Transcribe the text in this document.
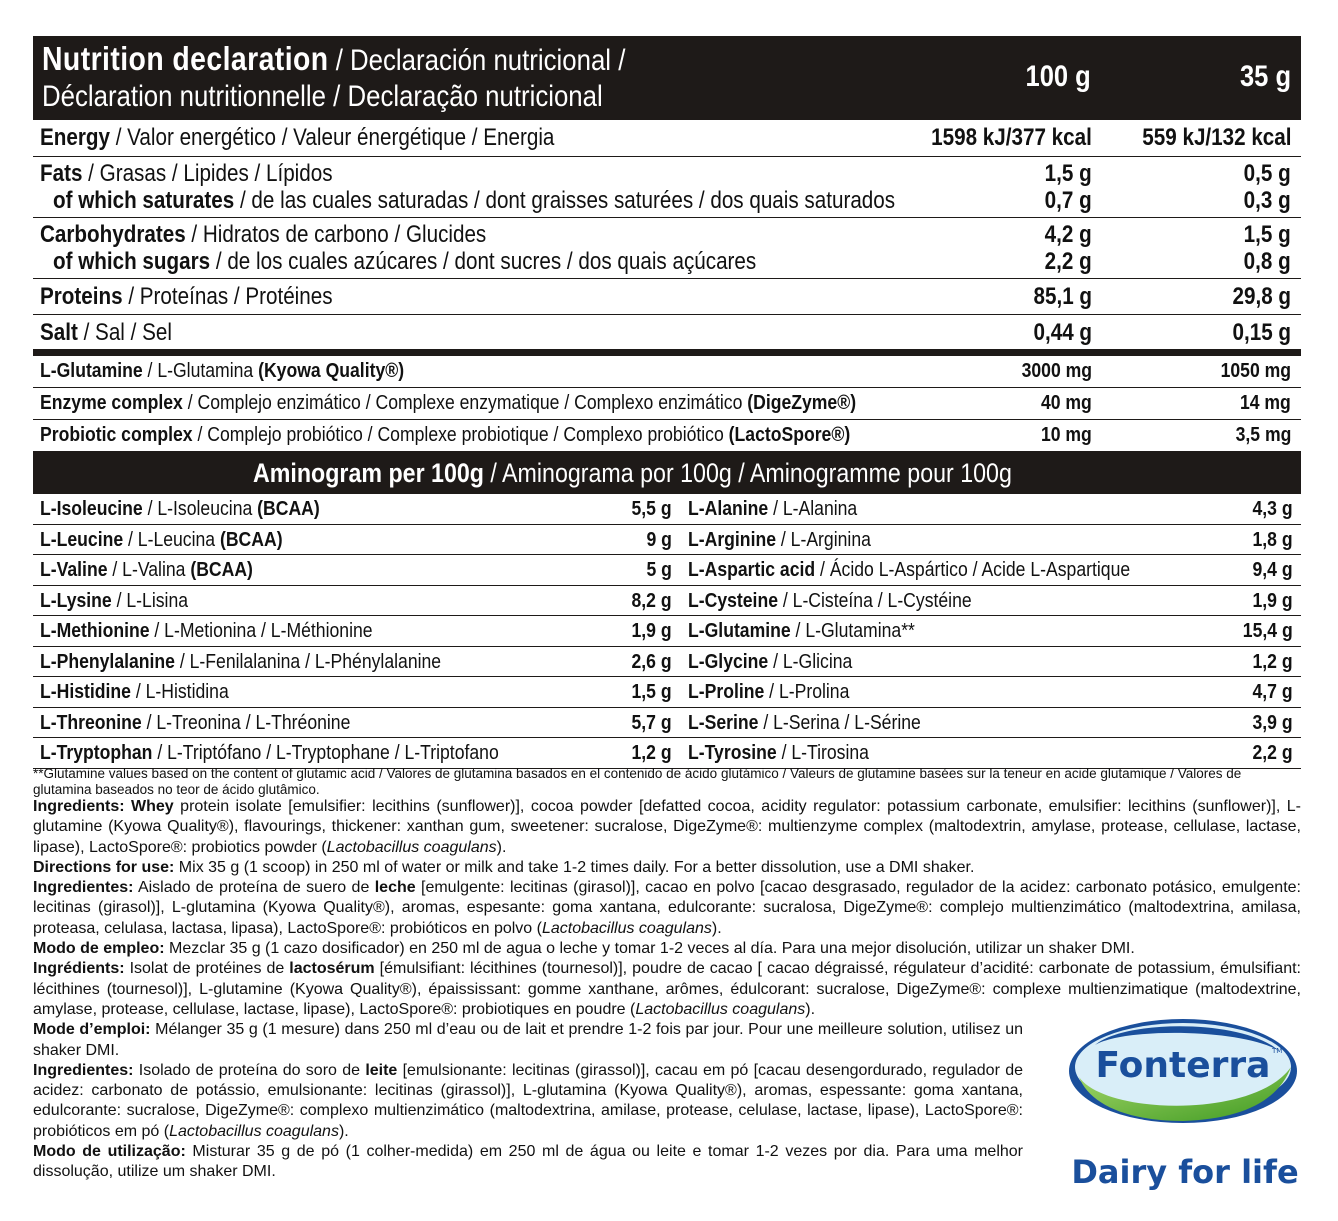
Nutrition declaration / Declaración nutricional /
Déclaration nutritionnelle / Declaração nutricional
100 g	35 g
Energy / Valor energético / Valeur énergétique / Energia	1598 kJ/377 kcal 559 kJ/132 kcal
Fats / Grasas / Lipides / Lípidos	1,5 g	0,5 g
of which saturates / de las cuales saturadas / dont graisses saturées / dos quais saturados	0,7 g	0,3 g
Carbohydrates / Hidratos de carbono / Glucides	4,2 g	1,5 g
of which sugars / de los cuales azúcares / dont sucres / dos quais açúcares	2,2 g	0,8 g
Proteins / Proteínas / Protéines	85,1 g	29,8 g
Salt / Sal / Sel	0,44 g	0,15 g
L-Glutamine / L-Glutamina (Kyowa Quality®)	3000 mg	1050 mg
Enzyme complex / Complejo enzimático / Complexe enzymatique / Complexo enzimático (DigeZyme®)	40 mg	14 mg
Probiotic complex / Complejo probiótico / Complexe probiotique / Complexo probiótico (LactoSpore®)	10 mg	3,5 mg
Aminogram per 100g / Aminograma por 100g / Aminogramme pour 100g
L-Isoleucine / L-Isoleucina (BCAA)	5,5 g L-Alanine / L-Alanina	4,3 g
L-Leucine / L-Leucina (BCAA)	9 g L-Arginine / L-Arginina	1,8 g
L-Valine / L-Valina (BCAA)	5 g L-Aspartic acid / Ácido L-Aspártico / Acide L-Aspartique	9,4 g
L-Lysine / L-Lisina	8,2 g L-Cysteine / L-Cisteína / L-Cystéine	1,9 g
L-Methionine / L-Metionina / L-Méthionine	1,9 g L-Glutamine / L-Glutamina**	15,4 g
L-Phenylalanine / L-Fenilalanina / L-Phénylalanine	2,6 g L-Glycine / L-Glicina	1,2 g
L-Histidine / L-Histidina	1,5 g L-Proline / L-Prolina	4,7 g
L-Threonine / L-Treonina / L-Thréonine	5,7 g L-Serine / L-Serina / L-Sérine	3,9 g
L-Tryptophan / L-Triptófano / L-Tryptophane / L-Triptofano	1,2 g L-Tyrosine / L-Tirosina	2,2 g
**Glutamine values based on the content of glutamic acid / Valores de glutamina basados en el contenido de ácido glutámico / Valeurs de glutamine basées sur la teneur en acide glutamique / Valores de glutamina baseados no teor de ácido glutâmico.
Ingredients: Whey protein isolate [emulsifier: lecithins (sunflower)], cocoa powder [defatted cocoa, acidity regulator: potassium carbonate, emulsifier: lecithins (sunflower)], L-glutamine (Kyowa Quality®), flavourings, thickener: xanthan gum, sweetener: sucralose, DigeZyme®: multienzyme complex (maltodextrin, amylase, protease, cellulase, lactase, lipase), LactoSpore®: probiotics powder (Lactobacillus coagulans).
Directions for use: Mix 35 g (1 scoop) in 250 ml of water or milk and take 1-2 times daily. For a better dissolution, use a DMI shaker.
Ingredientes: Aislado de proteína de suero de leche [emulgente: lecitinas (girasol)], cacao en polvo [cacao desgrasado, regulador de la acidez: carbonato potásico, emulgente: lecitinas (girasol)], L-glutamina (Kyowa Quality®), aromas, espesante: goma xantana, edulcorante: sucralosa, DigeZyme®: complejo multienzimático (maltodextrina, amilasa, proteasa, celulasa, lactasa, lipasa), LactoSpore®: probióticos en polvo (Lactobacillus coagulans).
Modo de empleo: Mezclar 35 g (1 cazo dosificador) en 250 ml de agua o leche y tomar 1-2 veces al día. Para una mejor disolución, utilizar un shaker DMI.
Ingrédients: Isolat de protéines de lactosérum [émulsifiant: lécithines (tournesol)], poudre de cacao [ cacao dégraissé, régulateur d’acidité: carbonate de potassium, émulsifiant: lécithines (tournesol)], L-glutamine (Kyowa Quality®), épaississant: gomme xanthane, arômes, édulcorant: sucralose, DigeZyme®: complexe multienzimatique (maltodextrine, amylase, protease, cellulase, lactase, lipase), LactoSpore®: probiotiques en poudre (Lactobacillus coagulans).
Mode d’emploi: Mélanger 35 g (1 mesure) dans 250 ml d’eau ou de lait et prendre 1-2 fois par jour. Pour une meilleure solution, utilisez un shaker DMI.
Ingredientes: Isolado de proteína do soro de leite [emulsionante: lecitinas (girassol)], cacau em pó [cacau desengordurado, regulador de acidez: carbonato de potássio, emulsionante: lecitinas (girassol)], L-glutamina (Kyowa Quality®), aromas, espessante: goma xantana, edulcorante: sucralose, DigeZyme®: complexo multienzimático (maltodextrina, amilase, protease, celulase, lactase, lipase), LactoSpore®: probióticos em pó (Lactobacillus coagulans).
Modo de utilização: Misturar 35 g de pó (1 colher-medida) em 250 ml de água ou leite e tomar 1-2 vezes por dia. Para uma melhor dissolução, utilize um shaker DMI.
Fonterra TM
Dairy for life
